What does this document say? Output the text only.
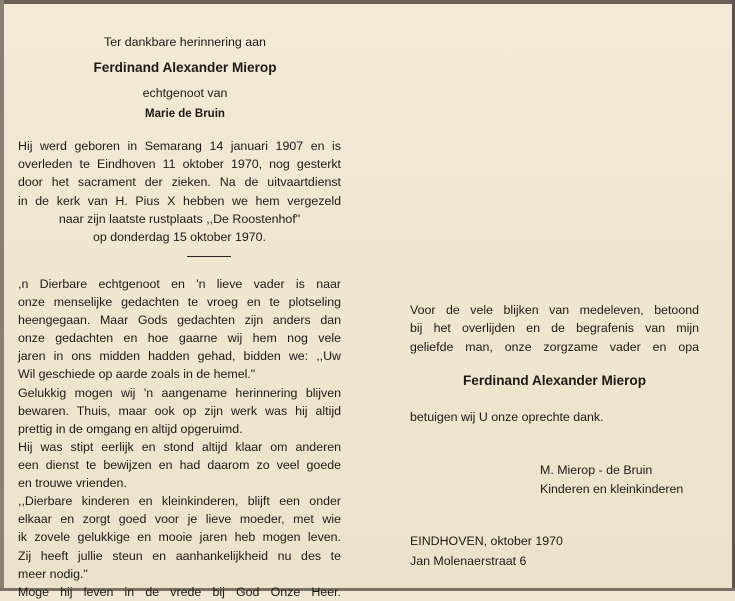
Ter dankbare herinnering aan
Ferdinand Alexander Mierop
echtgenoot van
Marie de Bruin
Hij werd geboren in Semarang 14 januari 1907 en is
overleden te Eindhoven 11 oktober 1970, nog gesterkt
door het sacrament der zieken. Na de uitvaartdienst
in de kerk van H. Pius X hebben we hem vergezeld
naar zijn laatste rustplaats ,,De Roostenhof"
op donderdag 15 oktober 1970.
,n Dierbare echtgenoot en 'n lieve vader is naar
onze menselijke gedachten te vroeg en te plotseling
heengegaan. Maar Gods gedachten zijn anders dan
onze gedachten en hoe gaarne wij hem nog vele
jaren in ons midden hadden gehad, bidden we: ,,Uw
Wil geschiede op aarde zoals in de hemel."
Gelukkig mogen wij 'n aangename herinnering blijven
bewaren. Thuis, maar ook op zijn werk was hij altijd
prettig in de omgang en altijd opgeruimd.
Hij was stipt eerlijk en stond altijd klaar om anderen
een dienst te bewijzen en had daarom zo veel goede
en trouwe vrienden.
,,Dierbare kinderen en kleinkinderen, blijft een onder
elkaar en zorgt goed voor je lieve moeder, met wie
ik zovele gelukkige en mooie jaren heb mogen leven.
Zij heeft jullie steun en aanhankelijkheid nu des te
meer nodig."
Moge hij leven in de vrede bij God Onze Heer.
Voor de vele blijken van medeleven, betoond
bij het overlijden en de begrafenis van mijn
geliefde man, onze zorgzame vader en opa
Ferdinand Alexander Mierop
betuigen wij U onze oprechte dank.
M. Mierop - de Bruin
Kinderen en kleinkinderen
EINDHOVEN, oktober 1970
Jan Molenaerstraat 6
